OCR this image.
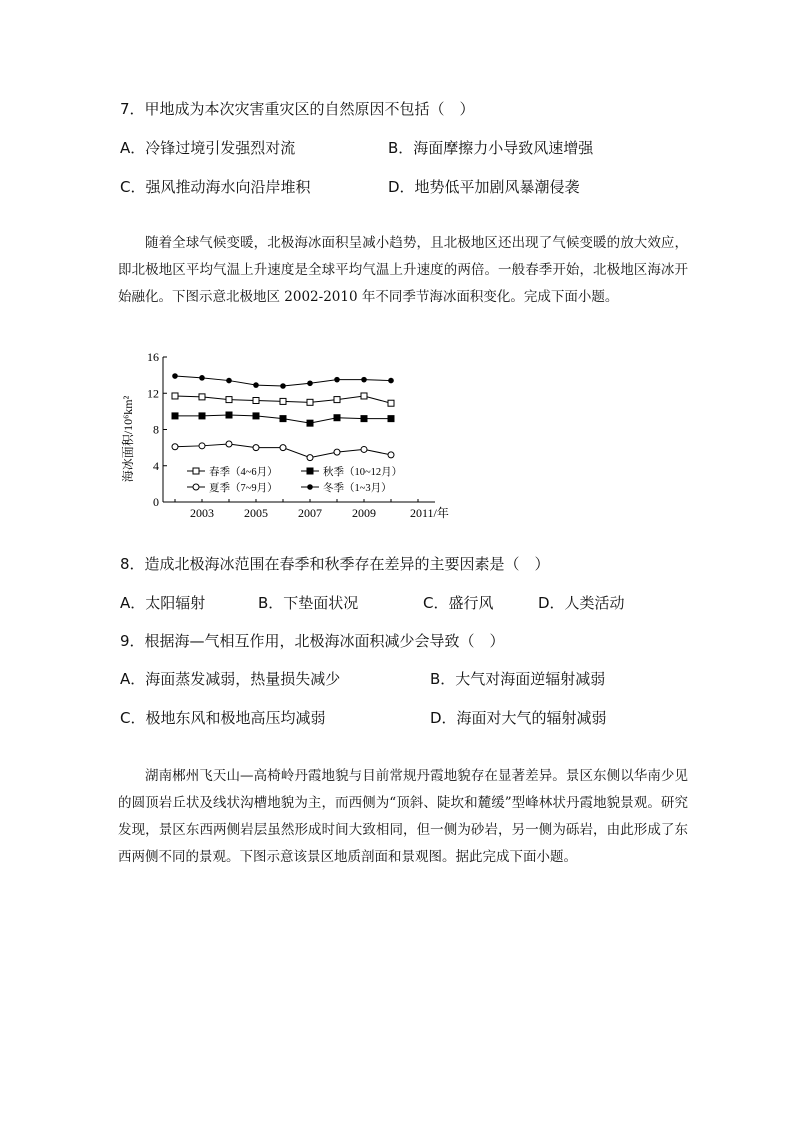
7．甲地成为本次灾害重灾区的自然原因不包括（　）
A．冷锋过境引发强烈对流	B．海面摩擦力小导致风速增强
C．强风推动海水向沿岸堆积	D．地势低平加剧风暴潮侵袭

随着全球气候变暖，北极海冰面积呈减小趋势，且北极地区还出现了气候变暖的放大效应，即北极地区平均气温上升速度是全球平均气温上升速度的两倍。一般春季开始，北极地区海冰开始融化。下图示意北极地区 2002-2010 年不同季节海冰面积变化。完成下面小题。

0
4
8
12
16
2003	2005	2007	2009	2011/年
春季（4~6月）	秋季（10~12月）
夏季（7~9月）	冬季（1~3月）
海冰面积/10⁶km²
8．造成北极海冰范围在春季和秋季存在差异的主要因素是（　）
A．太阳辐射	B．下垫面状况	C．盛行风	D．人类活动
9．根据海—气相互作用，北极海冰面积减少会导致（　）
A．海面蒸发减弱，热量损失减少	B．大气对海面逆辐射减弱
C．极地东风和极地高压均减弱	D．海面对大气的辐射减弱

湖南郴州飞天山—高椅岭丹霞地貌与目前常规丹霞地貌存在显著差异。景区东侧以华南少见的圆顶岩丘状及线状沟槽地貌为主，而西侧为“顶斜、陡坎和麓缓”型峰林状丹霞地貌景观。研究发现，景区东西两侧岩层虽然形成时间大致相同，但一侧为砂岩，另一侧为砾岩，由此形成了东西两侧不同的景观。下图示意该景区地质剖面和景观图。据此完成下面小题。
